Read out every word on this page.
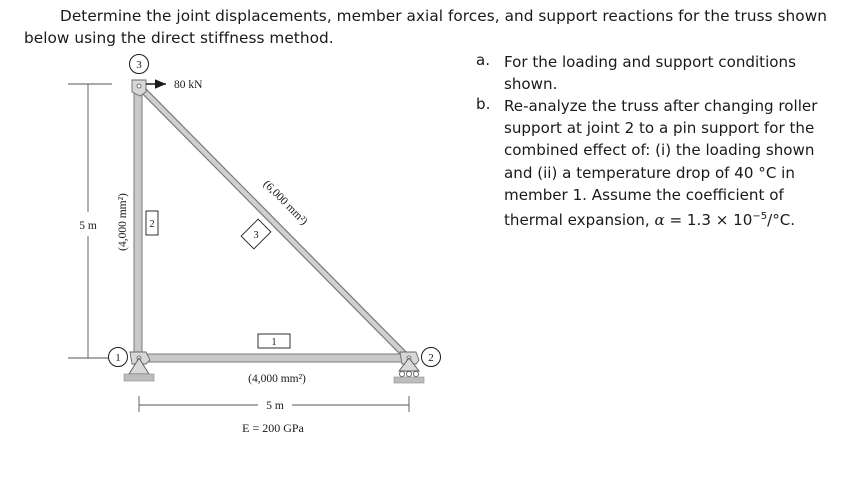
Determine the joint displacements, member axial forces, and support reactions for the truss shown
below using the direct stiffness method.
a. For the loading and support conditions
shown.
b. Re-analyze the truss after changing roller
support at joint 2 to a pin support for the
combined effect of: (i) the loading shown
and (ii) a temperature drop of 40 °C in
member 1. Assume the coefficient of
thermal expansion, $\alpha = 1.3 \times 10^{-5}/^\circ C$.
5 m
3
80 kN
2
(4,000 mm²)	3
(6,000 mm²)
1
(4,000 mm²)
1	2
5 m
E = 200 GPa
